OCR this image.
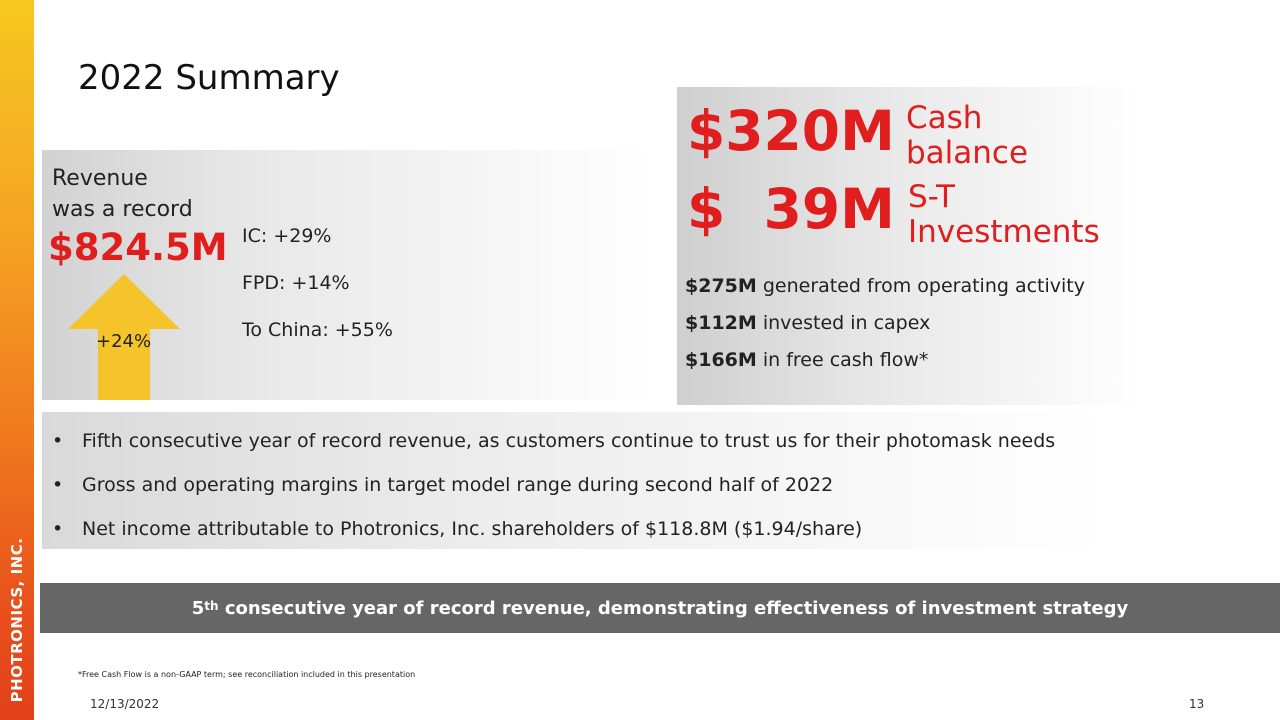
PHOTRONICS, INC.
2022 Summary
Revenue
was a record
$824.5M
+24%
IC: +29%
FPD: +14%
To China: +55%
$320M Cash
balance
$  39M S-T
Investments
$275M generated from operating activity
$112M invested in capex
$166M in free cash flow*
• Fifth consecutive year of record revenue, as customers continue to trust us for their photomask needs
• Gross and operating margins in target model range during second half of 2022
• Net income attributable to Photronics, Inc. shareholders of $118.8M ($1.94/share)
5th consecutive year of record revenue, demonstrating effectiveness of investment strategy
*Free Cash Flow is a non-GAAP term; see reconciliation included in this presentation
12/13/2022	13
